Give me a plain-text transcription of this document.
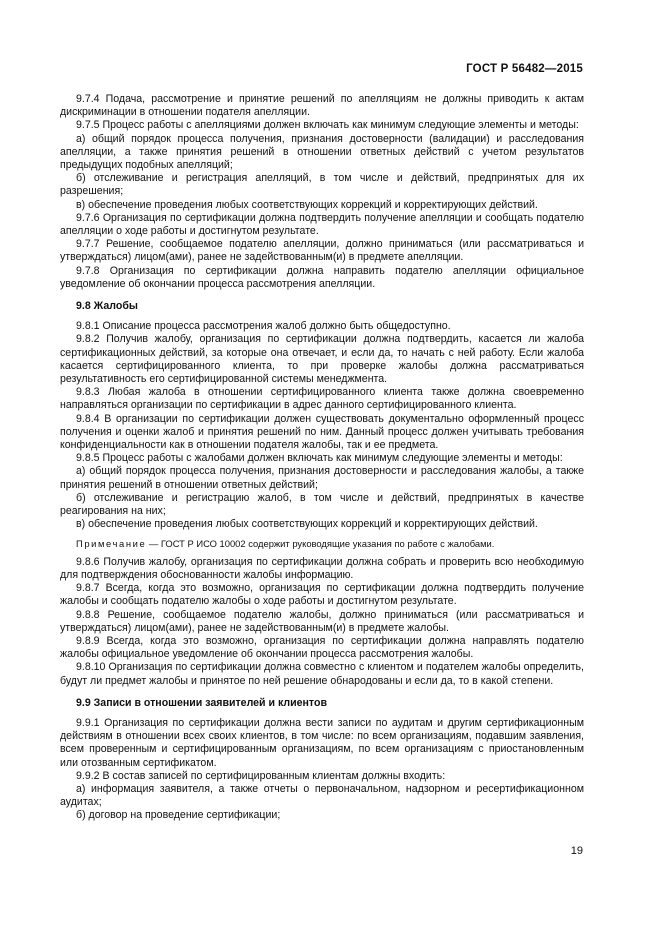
ГОСТ Р 56482—2015

9.7.4 Подача, рассмотрение и принятие решений по апелляциям не должны приводить к актам дискриминации в отношении подателя апелляции.

9.7.5 Процесс работы с апелляциями должен включать как минимум следующие элементы и методы:

а) общий порядок процесса получения, признания достоверности (валидации) и расследования апелляции, а также принятия решений в отношении ответных действий с учетом результатов предыдущих подобных апелляций;

б) отслеживание и регистрация апелляций, в том числе и действий, предпринятых для их разрешения;

в) обеспечение проведения любых соответствующих коррекций и корректирующих действий.

9.7.6 Организация по сертификации должна подтвердить получение апелляции и сообщать подателю апелляции о ходе работы и достигнутом результате.

9.7.7 Решение, сообщаемое подателю апелляции, должно приниматься (или рассматриваться и утверждаться) лицом(ами), ранее не задействованным(и) в предмете апелляции.

9.7.8 Организация по сертификации должна направить подателю апелляции официальное уведомление об окончании процесса рассмотрения апелляции.

9.8 Жалобы

9.8.1 Описание процесса рассмотрения жалоб должно быть общедоступно.

9.8.2 Получив жалобу, организация по сертификации должна подтвердить, касается ли жалоба сертификационных действий, за которые она отвечает, и если да, то начать с ней работу. Если жалоба касается сертифицированного клиента, то при проверке жалобы должна рассматриваться результативность его сертифицированной системы менеджмента.

9.8.3 Любая жалоба в отношении сертифицированного клиента также должна своевременно направляться организации по сертификации в адрес данного сертифицированного клиента.

9.8.4 В организации по сертификации должен существовать документально оформленный процесс получения и оценки жалоб и принятия решений по ним. Данный процесс должен учитывать требования конфиденциальности как в отношении подателя жалобы, так и ее предмета.

9.8.5 Процесс работы с жалобами должен включать как минимум следующие элементы и методы:

а) общий порядок процесса получения, признания достоверности и расследования жалобы, а также принятия решений в отношении ответных действий;

б) отслеживание и регистрацию жалоб, в том числе и действий, предпринятых в качестве реагирования на них;

в) обеспечение проведения любых соответствующих коррекций и корректирующих действий.

Примечание — ГОСТ Р ИСО 10002 содержит руководящие указания по работе с жалобами.

9.8.6 Получив жалобу, организация по сертификации должна собрать и проверить всю необходимую для подтверждения обоснованности жалобы информацию.

9.8.7 Всегда, когда это возможно, организация по сертификации должна подтвердить получение жалобы и сообщать подателю жалобы о ходе работы и достигнутом результате.

9.8.8 Решение, сообщаемое подателю жалобы, должно приниматься (или рассматриваться и утверждаться) лицом(ами), ранее не задействованным(и) в предмете жалобы.

9.8.9 Всегда, когда это возможно, организация по сертификации должна направлять подателю жалобы официальное уведомление об окончании процесса рассмотрения жалобы.

9.8.10 Организация по сертификации должна совместно с клиентом и подателем жалобы определить, будут ли предмет жалобы и принятое по ней решение обнародованы и если да, то в какой степени.

9.9 Записи в отношении заявителей и клиентов

9.9.1 Организация по сертификации должна вести записи по аудитам и другим сертификационным действиям в отношении всех своих клиентов, в том числе: по всем организациям, подавшим заявления, всем проверенным и сертифицированным организациям, по всем организациям с приостановленным или отозванным сертификатом.

9.9.2 В состав записей по сертифицированным клиентам должны входить:

а) информация заявителя, а также отчеты о первоначальном, надзорном и ресертификационном аудитах;

б) договор на проведение сертификации;

19
